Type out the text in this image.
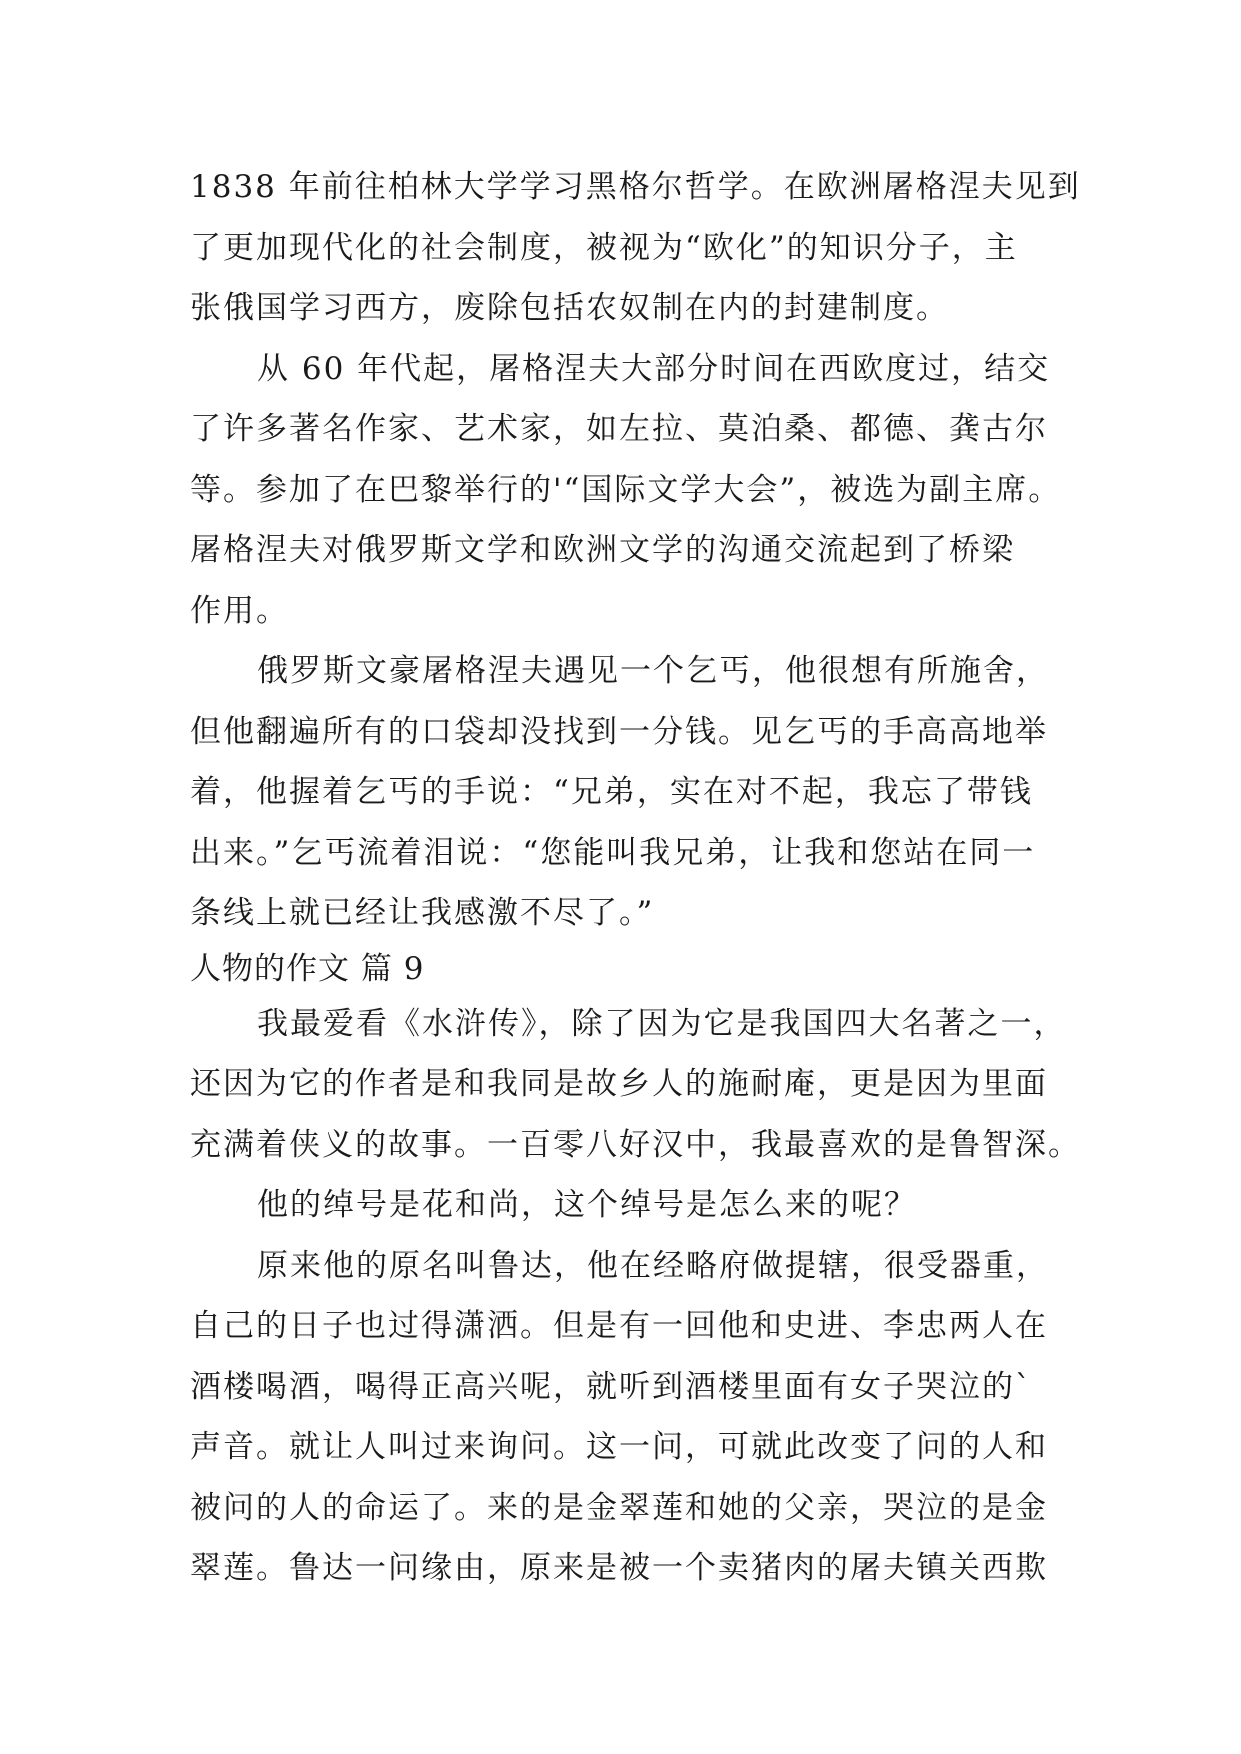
1838 年前往柏林大学学习黑格尔哲学。在欧洲屠格涅夫见到
了更加现代化的社会制度，被视为“欧化”的知识分子，主
张俄国学习西方，废除包括农奴制在内的封建制度。
从 60 年代起，屠格涅夫大部分时间在西欧度过，结交
了许多著名作家、艺术家，如左拉、莫泊桑、都德、龚古尔
等。参加了在巴黎举行的'“国际文学大会”，被选为副主席。
屠格涅夫对俄罗斯文学和欧洲文学的沟通交流起到了桥梁
作用。
俄罗斯文豪屠格涅夫遇见一个乞丐，他很想有所施舍，
但他翻遍所有的口袋却没找到一分钱。见乞丐的手高高地举
着，他握着乞丐的手说：“兄弟，实在对不起，我忘了带钱
出来。”乞丐流着泪说：“您能叫我兄弟，让我和您站在同一
条线上就已经让我感激不尽了。”
人物的作文 篇 9
我最爱看《水浒传》，除了因为它是我国四大名著之一，
还因为它的作者是和我同是故乡人的施耐庵，更是因为里面
充满着侠义的故事。一百零八好汉中，我最喜欢的是鲁智深。
他的绰号是花和尚，这个绰号是怎么来的呢？
原来他的原名叫鲁达，他在经略府做提辖，很受器重，
自己的日子也过得潇洒。但是有一回他和史进、李忠两人在
酒楼喝酒，喝得正高兴呢，就听到酒楼里面有女子哭泣的`
声音。就让人叫过来询问。这一问，可就此改变了问的人和
被问的人的命运了。来的是金翠莲和她的父亲，哭泣的是金
翠莲。鲁达一问缘由，原来是被一个卖猪肉的屠夫镇关西欺
